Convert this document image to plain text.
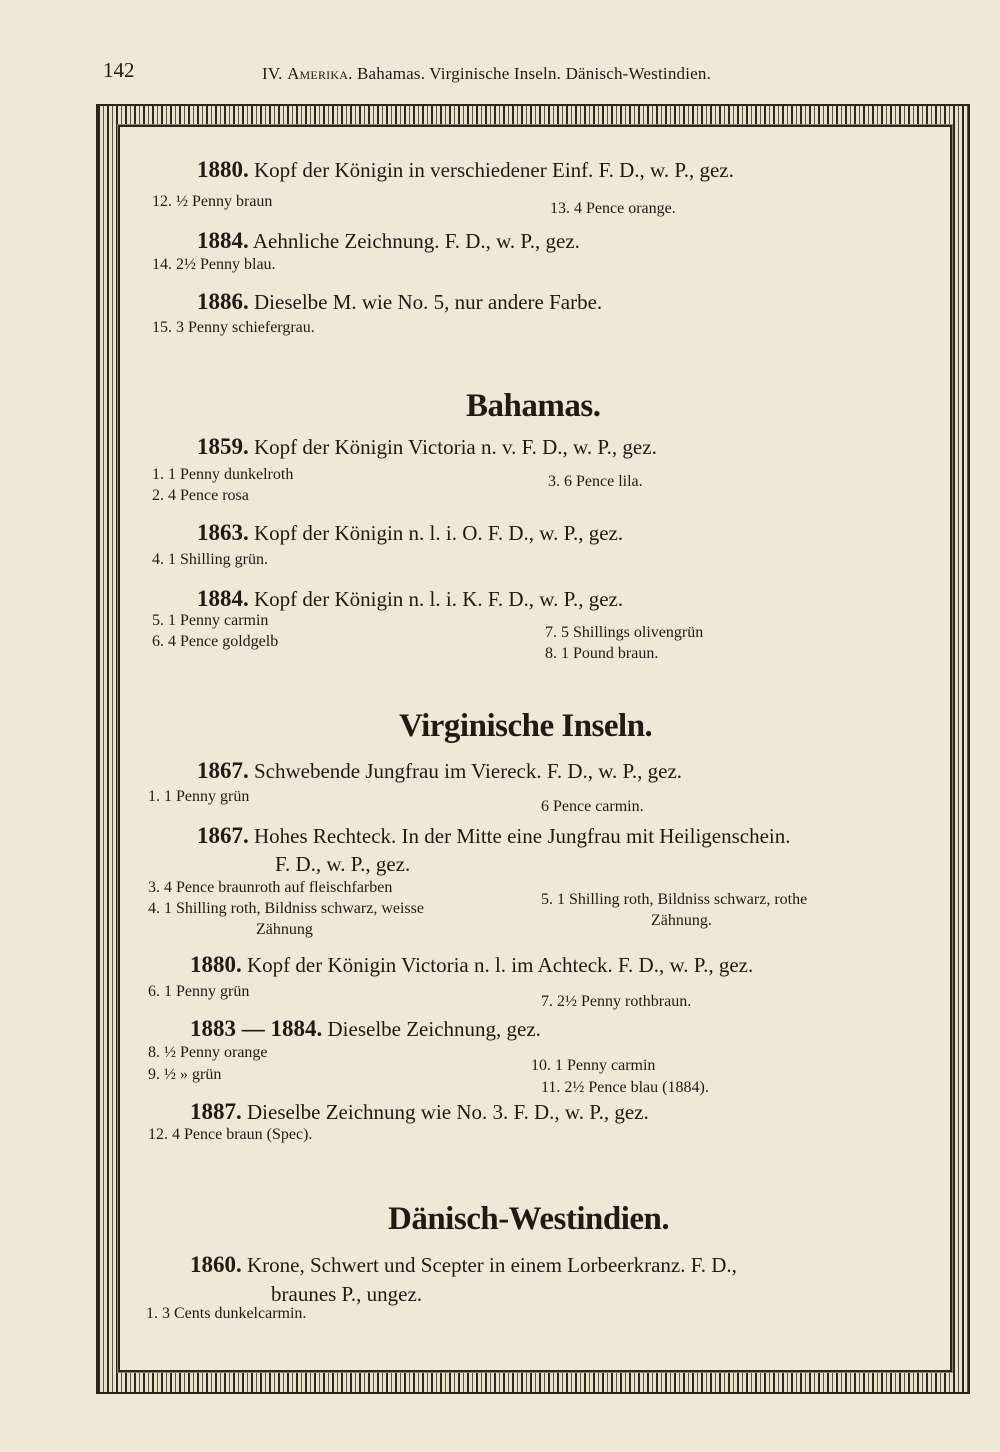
142	IV. Amerika. Bahamas. Virginische Inseln. Dänisch-Westindien.
1880. Kopf der Königin in verschiedener Einf. F. D., w. P., gez.
12. ½ Penny braun	13. 4 Pence orange.
1884. Aehnliche Zeichnung. F. D., w. P., gez.
14. 2½ Penny blau.
1886. Dieselbe M. wie No. 5, nur andere Farbe.
15. 3 Penny schiefergrau.
Bahamas.
1859. Kopf der Königin Victoria n. v. F. D., w. P., gez.
1. 1 Penny dunkelroth
2. 4 Pence rosa
3. 6 Pence lila.
1863. Kopf der Königin n. l. i. O. F. D., w. P., gez.
4. 1 Shilling grün.
1884. Kopf der Königin n. l. i. K. F. D., w. P., gez.
5. 1 Penny carmin
6. 4 Pence goldgelb
7. 5 Shillings olivengrün
8. 1 Pound braun.
Virginische Inseln.
1867. Schwebende Jungfrau im Viereck. F. D., w. P., gez.
1. 1 Penny grün
6 Pence carmin.
1867. Hohes Rechteck. In der Mitte eine Jungfrau mit Heiligenschein.
F. D., w. P., gez.
3. 4 Pence braunroth auf fleischfarben
4. 1 Shilling roth, Bildniss schwarz, weisse
Zähnung
5. 1 Shilling roth, Bildniss schwarz, rothe
Zähnung.
1880. Kopf der Königin Victoria n. l. im Achteck. F. D., w. P., gez.
6. 1 Penny grün
7. 2½ Penny rothbraun.
1883 — 1884. Dieselbe Zeichnung, gez.
8. ½ Penny orange
9. ½ » grün
10. 1 Penny carmin
11. 2½ Pence blau (1884).
1887. Dieselbe Zeichnung wie No. 3. F. D., w. P., gez.
12. 4 Pence braun (Spec).
Dänisch-Westindien.
1860. Krone, Schwert und Scepter in einem Lorbeerkranz. F. D.,
braunes P., ungez.
1. 3 Cents dunkelcarmin.
